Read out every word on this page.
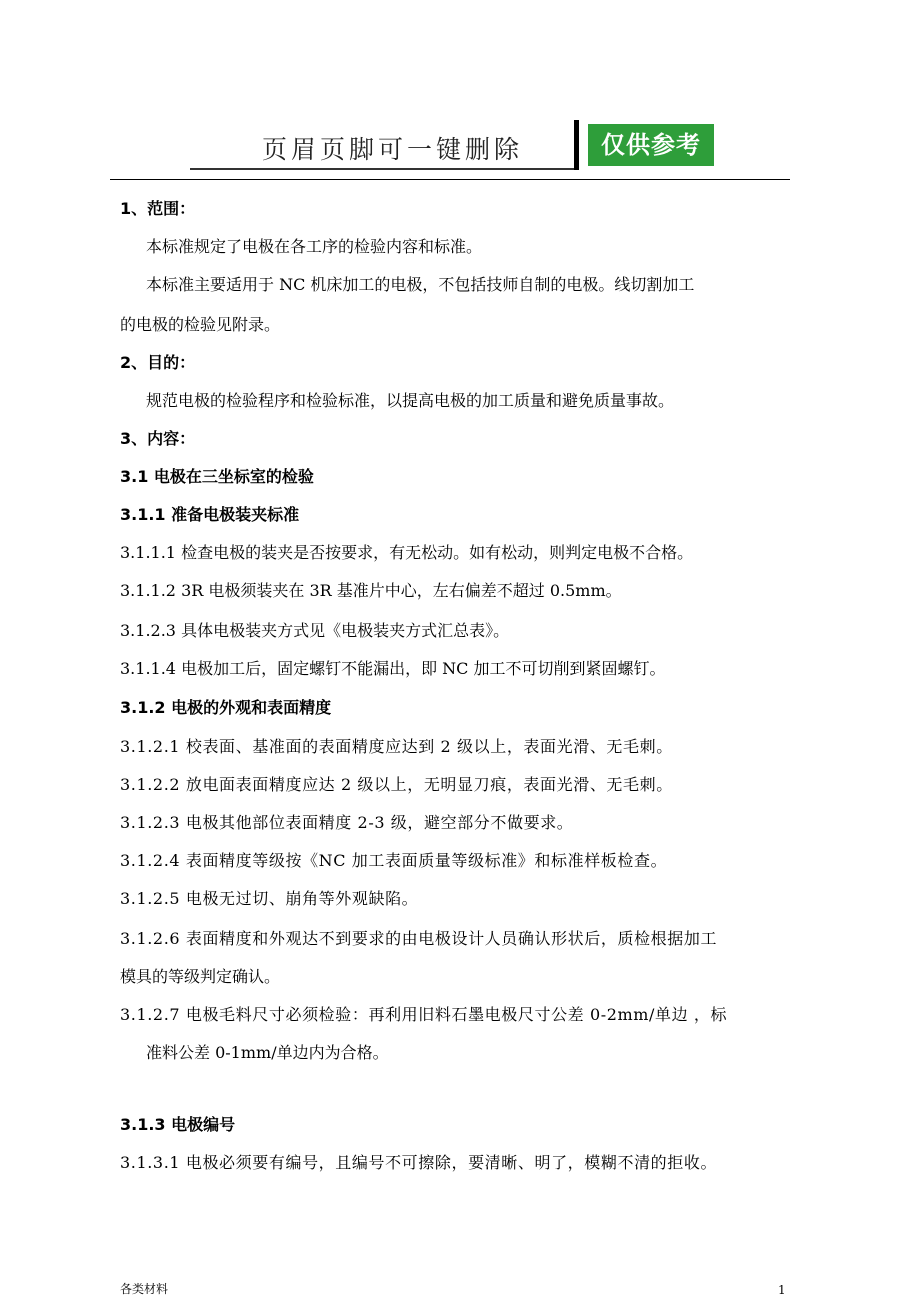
页眉页脚可一键删除	仅供参考
1、范围：
本标准规定了电极在各工序的检验内容和标准。
本标准主要适用于 NC 机床加工的电极，不包括技师自制的电极。线切割加工
的电极的检验见附录。
2、目的：
规范电极的检验程序和检验标准，以提高电极的加工质量和避免质量事故。
3、内容：
3.1 电极在三坐标室的检验
3.1.1 准备电极装夹标准
3.1.1.1 检查电极的装夹是否按要求，有无松动。如有松动，则判定电极不合格。
3.1.1.2 3R 电极须装夹在 3R 基准片中心，左右偏差不超过 0.5mm。
3.1.2.3 具体电极装夹方式见《电极装夹方式汇总表》。
3.1.1.4 电极加工后，固定螺钉不能漏出，即 NC 加工不可切削到紧固螺钉。
3.1.2 电极的外观和表面精度
3.1.2.1 校表面、基准面的表面精度应达到 2 级以上，表面光滑、无毛刺。
3.1.2.2 放电面表面精度应达 2 级以上，无明显刀痕，表面光滑、无毛刺。
3.1.2.3 电极其他部位表面精度 2-3 级，避空部分不做要求。
3.1.2.4 表面精度等级按《NC 加工表面质量等级标准》和标准样板检查。
3.1.2.5 电极无过切、崩角等外观缺陷。
3.1.2.6 表面精度和外观达不到要求的由电极设计人员确认形状后，质检根据加工
模具的等级判定确认。
3.1.2.7 电极毛料尺寸必须检验：再利用旧料石墨电极尺寸公差 0-2mm/单边 ，标
准料公差 0-1mm/单边内为合格。
3.1.3 电极编号
3.1.3.1 电极必须要有编号，且编号不可擦除，要清晰、明了，模糊不清的拒收。
各类材料	1
